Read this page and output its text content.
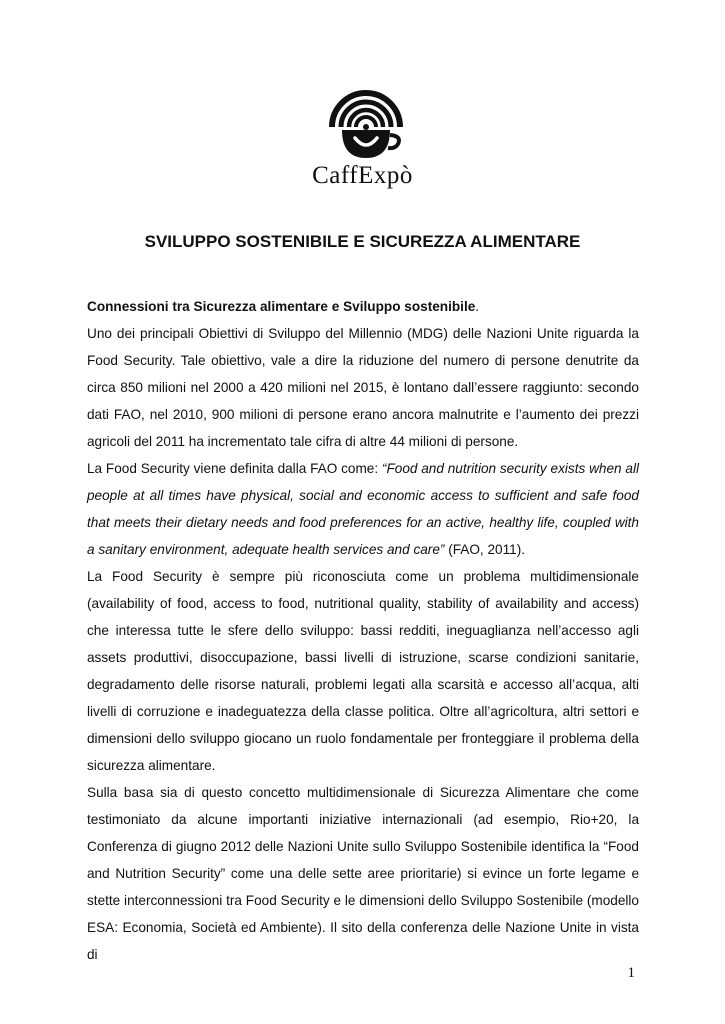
CaffExpò
SVILUPPO SOSTENIBILE E SICUREZZA ALIMENTARE

Connessioni tra Sicurezza alimentare e Sviluppo sostenibile.

Uno dei principali Obiettivi di Sviluppo del Millennio (MDG) delle Nazioni Unite riguarda la Food Security. Tale obiettivo, vale a dire la riduzione del numero di persone denutrite da circa 850 milioni nel 2000 a 420 milioni nel 2015, è lontano dall’essere raggiunto: secondo dati FAO, nel 2010, 900 milioni di persone erano ancora malnutrite e l’aumento dei prezzi agricoli del 2011 ha incrementato tale cifra di altre 44 milioni di persone.

La Food Security viene definita dalla FAO come: “Food and nutrition security exists when all people at all times have physical, social and economic access to sufficient and safe food that meets their dietary needs and food preferences for an active, healthy life, coupled with a sanitary environment, adequate health services and care” (FAO, 2011).

La Food Security è sempre più riconosciuta come un problema multidimensionale (availability of food, access to food, nutritional quality, stability of availability and access) che interessa tutte le sfere dello sviluppo: bassi redditi, ineguaglianza nell’accesso agli assets produttivi, disoccupazione, bassi livelli di istruzione, scarse condizioni sanitarie, degradamento delle risorse naturali, problemi legati alla scarsità e accesso all’acqua, alti livelli di corruzione e inadeguatezza della classe politica. Oltre all’agricoltura, altri settori e dimensioni dello sviluppo giocano un ruolo fondamentale per fronteggiare il problema della sicurezza alimentare.

Sulla basa sia di questo concetto multidimensionale di Sicurezza Alimentare che come testimoniato da alcune importanti iniziative internazionali (ad esempio, Rio+20, la Conferenza di giugno 2012 delle Nazioni Unite sullo Sviluppo Sostenibile identifica la “Food and Nutrition Security” come una delle sette aree prioritarie) si evince un forte legame e stette interconnessioni tra Food Security e le dimensioni dello Sviluppo Sostenibile (modello ESA: Economia, Società ed Ambiente). Il sito della conferenza delle Nazione Unite in vista di

1
